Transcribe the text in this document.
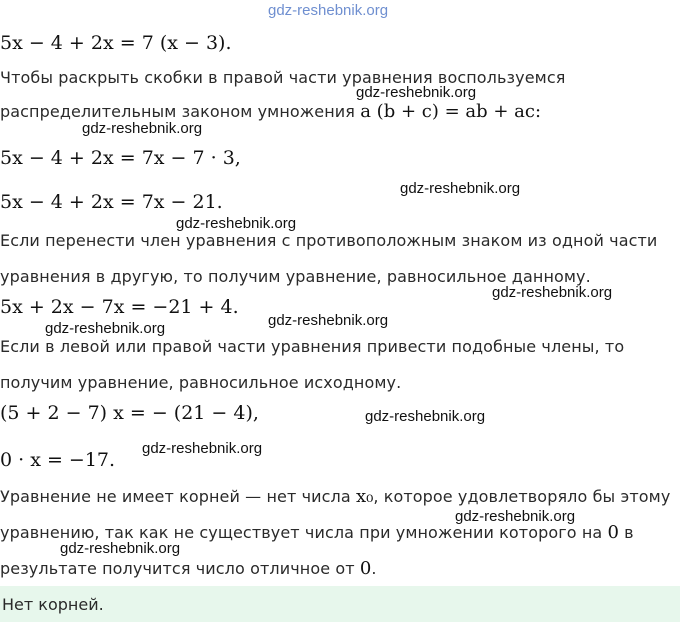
gdz-reshebnik.org
5x − 4 + 2x = 7 (x − 3).
Чтобы раскрыть скобки в правой части уравнения воспользуемся
распределительным законом умножения a (b + c) = ab + ac:
5x − 4 + 2x = 7x − 7 · 3,
5x − 4 + 2x = 7x − 21.
Если перенести член уравнения с противоположным знаком из одной части
уравнения в другую, то получим уравнение, равносильное данному.
5x + 2x − 7x = −21 + 4.
Если в левой или правой части уравнения привести подобные члены, то
получим уравнение, равносильное исходному.
(5 + 2 − 7) x = − (21 − 4),
0 · x = −17.
Уравнение не имеет корней — нет числа x₀, которое удовлетворяло бы этому
уравнению, так как не существует числа при умножении которого на 0 в
результате получится число отличное от 0.
Нет корней.
gdz-reshebnik.org
gdz-reshebnik.org
gdz-reshebnik.org
gdz-reshebnik.org
gdz-reshebnik.org
gdz-reshebnik.org
gdz-reshebnik.org
gdz-reshebnik.org
gdz-reshebnik.org
gdz-reshebnik.org
gdz-reshebnik.org
